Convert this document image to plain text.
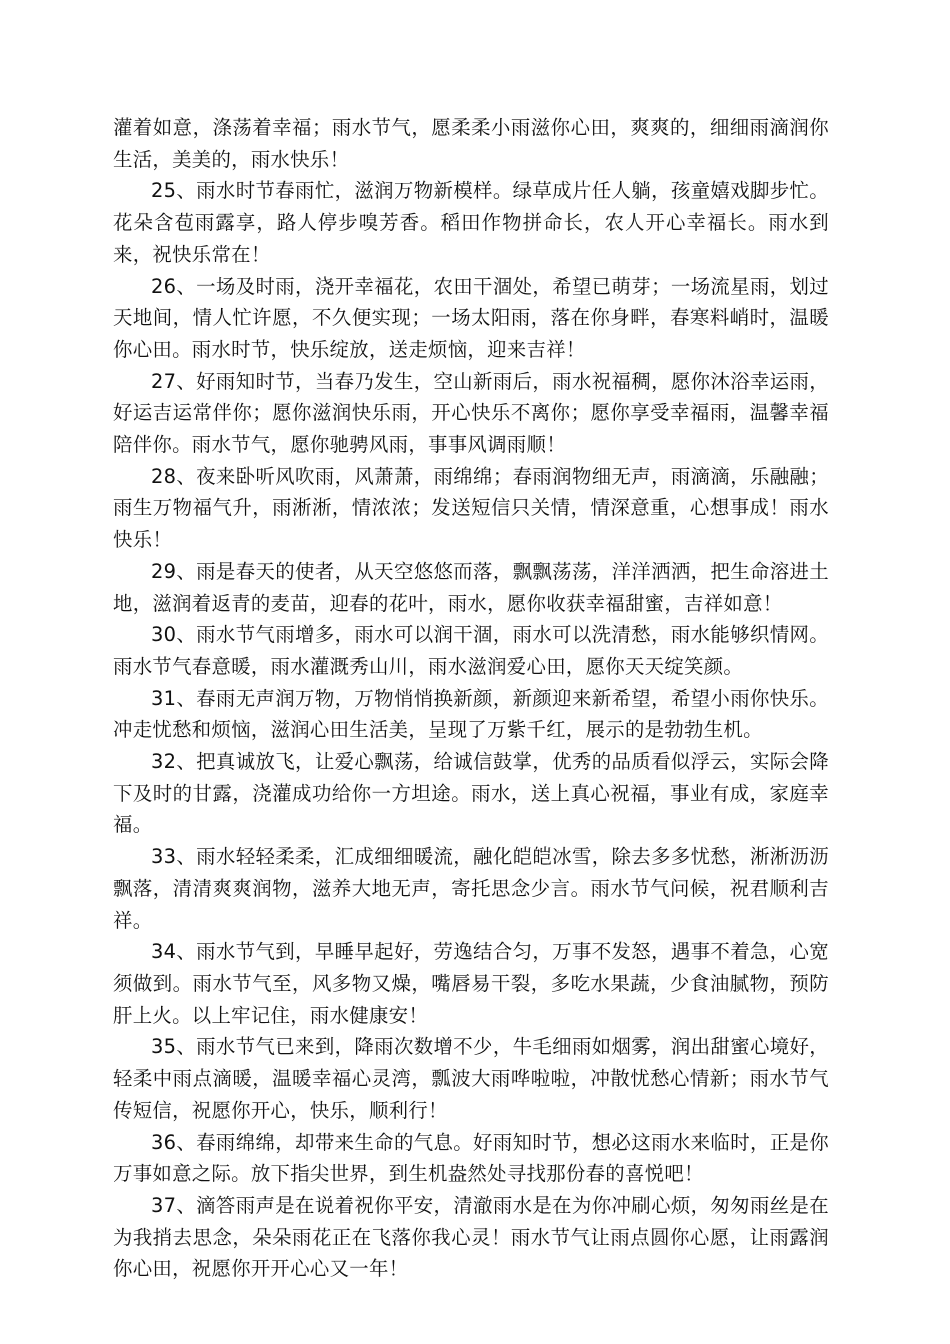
灌着如意，涤荡着幸福；雨水节气，愿柔柔小雨滋你心田，爽爽的，细细雨滴润你生活，美美的，雨水快乐！

25、雨水时节春雨忙，滋润万物新模样。绿草成片任人躺，孩童嬉戏脚步忙。花朵含苞雨露享，路人停步嗅芳香。稻田作物拼命长，农人开心幸福长。雨水到来，祝快乐常在！

26、一场及时雨，浇开幸福花，农田干涸处，希望已萌芽；一场流星雨，划过天地间，情人忙许愿，不久便实现；一场太阳雨，落在你身畔，春寒料峭时，温暖你心田。雨水时节，快乐绽放，送走烦恼，迎来吉祥！

27、好雨知时节，当春乃发生，空山新雨后，雨水祝福稠，愿你沐浴幸运雨，好运吉运常伴你；愿你滋润快乐雨，开心快乐不离你；愿你享受幸福雨，温馨幸福陪伴你。雨水节气，愿你驰骋风雨，事事风调雨顺！

28、夜来卧听风吹雨，风萧萧，雨绵绵；春雨润物细无声，雨滴滴，乐融融；雨生万物福气升，雨淅淅，情浓浓；发送短信只关情，情深意重，心想事成！雨水快乐！

29、雨是春天的使者，从天空悠悠而落，飘飘荡荡，洋洋洒洒，把生命溶进土地，滋润着返青的麦苗，迎春的花叶，雨水，愿你收获幸福甜蜜，吉祥如意！

30、雨水节气雨增多，雨水可以润干涸，雨水可以洗清愁，雨水能够织情网。雨水节气春意暖，雨水灌溉秀山川，雨水滋润爱心田，愿你天天绽笑颜。

31、春雨无声润万物，万物悄悄换新颜，新颜迎来新希望，希望小雨你快乐。冲走忧愁和烦恼，滋润心田生活美，呈现了万紫千红，展示的是勃勃生机。

32、把真诚放飞，让爱心飘荡，给诚信鼓掌，优秀的品质看似浮云，实际会降下及时的甘露，浇灌成功给你一方坦途。雨水，送上真心祝福，事业有成，家庭幸福。

33、雨水轻轻柔柔，汇成细细暖流，融化皑皑冰雪，除去多多忧愁，淅淅沥沥飘落，清清爽爽润物，滋养大地无声，寄托思念少言。雨水节气问候，祝君顺利吉祥。

34、雨水节气到，早睡早起好，劳逸结合匀，万事不发怒，遇事不着急，心宽须做到。雨水节气至，风多物又燥，嘴唇易干裂，多吃水果蔬，少食油腻物，预防肝上火。以上牢记住，雨水健康安！

35、雨水节气已来到，降雨次数增不少，牛毛细雨如烟雾，润出甜蜜心境好，轻柔中雨点滴暖，温暖幸福心灵湾，瓢波大雨哗啦啦，冲散忧愁心情新；雨水节气传短信，祝愿你开心，快乐，顺利行！

36、春雨绵绵，却带来生命的气息。好雨知时节，想必这雨水来临时，正是你万事如意之际。放下指尖世界，到生机盎然处寻找那份春的喜悦吧！

37、滴答雨声是在说着祝你平安，清澈雨水是在为你冲刷心烦，匆匆雨丝是在为我捎去思念，朵朵雨花正在飞落你我心灵！雨水节气让雨点圆你心愿，让雨露润你心田，祝愿你开开心心又一年！
